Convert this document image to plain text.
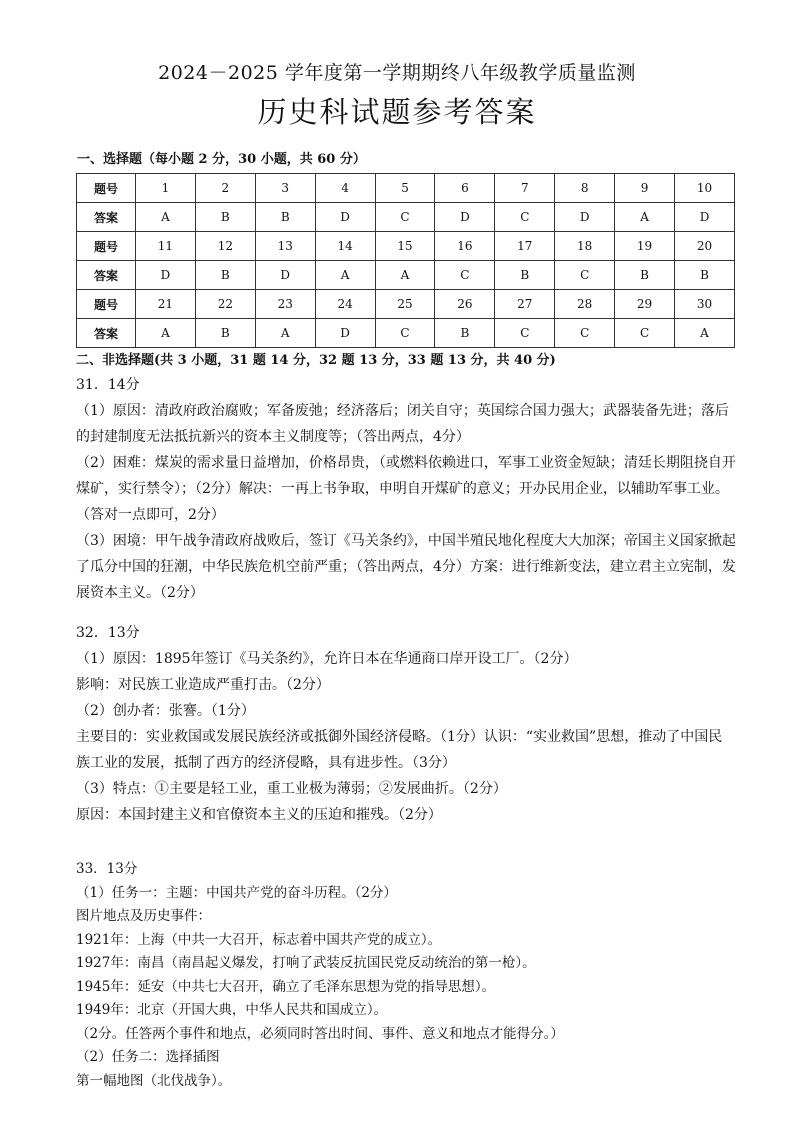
2024－2025 学年度第一学期期终八年级教学质量监测
历史科试题参考答案
一、选择题（每小题 2 分，30 小题，共 60 分）
题号	1	2	3	4	5	6	7	8	9	10
答案	A	B	B	D	C	D	C	D	A	D
题号	11	12	13	14	15	16	17	18	19	20
答案	D	B	D	A	A	C	B	C	B	B
题号	21	22	23	24	25	26	27	28	29	30
答案	A	B	A	D	C	B	C	C	C	A
二、非选择题(共 3 小题，31 题 14 分，32 题 13 分，33 题 13 分，共 40 分)

31．14分

（1）原因：清政府政治腐败；军备废弛；经济落后；闭关自守；英国综合国力强大；武器装备先进；落后的封建制度无法抵抗新兴的资本主义制度等；（答出两点，4分）

（2）困难：煤炭的需求量日益增加，价格昂贵，（或燃料依赖进口，军事工业资金短缺；清廷长期阻挠自开煤矿，实行禁令）；（2分）解决：一再上书争取，申明自开煤矿的意义；开办民用企业，以辅助军事工业。（答对一点即可，2分）

（3）困境：甲午战争清政府战败后，签订《马关条约》，中国半殖民地化程度大大加深；帝国主义国家掀起了瓜分中国的狂潮，中华民族危机空前严重；（答出两点，4分）方案：进行维新变法，建立君主立宪制，发展资本主义。（2分）

32．13分

（1）原因：1895年签订《马关条约》，允许日本在华通商口岸开设工厂。（2分）

影响：对民族工业造成严重打击。（2分）

（2）创办者：张謇。（1分）

主要目的：实业救国或发展民族经济或抵御外国经济侵略。（1分）认识：“实业救国”思想，推动了中国民族工业的发展，抵制了西方的经济侵略，具有进步性。（3分）

（3）特点：①主要是轻工业，重工业极为薄弱；②发展曲折。（2分）

原因：本国封建主义和官僚资本主义的压迫和摧残。（2分）

33．13分

（1）任务一：主题：中国共产党的奋斗历程。（2分）

图片地点及历史事件：

1921年：上海（中共一大召开，标志着中国共产党的成立）。

1927年：南昌（南昌起义爆发，打响了武装反抗国民党反动统治的第一枪）。

1945年：延安（中共七大召开，确立了毛泽东思想为党的指导思想）。

1949年：北京（开国大典，中华人民共和国成立）。

（2分。任答两个事件和地点，必须同时答出时间、事件、意义和地点才能得分。）

（2）任务二：选择插图

第一幅地图（北伐战争）。
